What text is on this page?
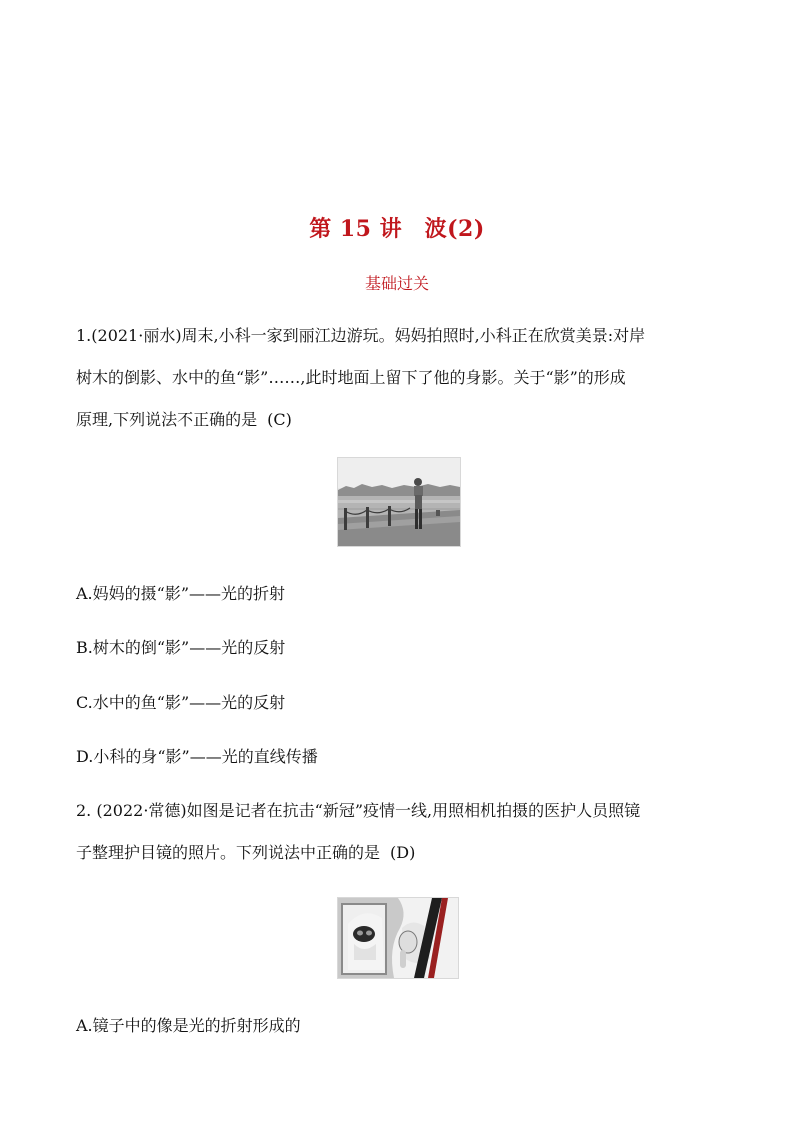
第 15 讲　波(2)
基础过关
1.(2021·丽水)周末,小科一家到丽江边游玩。妈妈拍照时,小科正在欣赏美景:对岸
树木的倒影、水中的鱼“影”……,此时地面上留下了他的身影。关于“影”的形成
原理,下列说法不正确的是 (C)
A.妈妈的摄“影”——光的折射
B.树木的倒“影”——光的反射
C.水中的鱼“影”——光的反射
D.小科的身“影”——光的直线传播
2. (2022·常德)如图是记者在抗击“新冠”疫情一线,用照相机拍摄的医护人员照镜
子整理护目镜的照片。下列说法中正确的是 (D)
A.镜子中的像是光的折射形成的
